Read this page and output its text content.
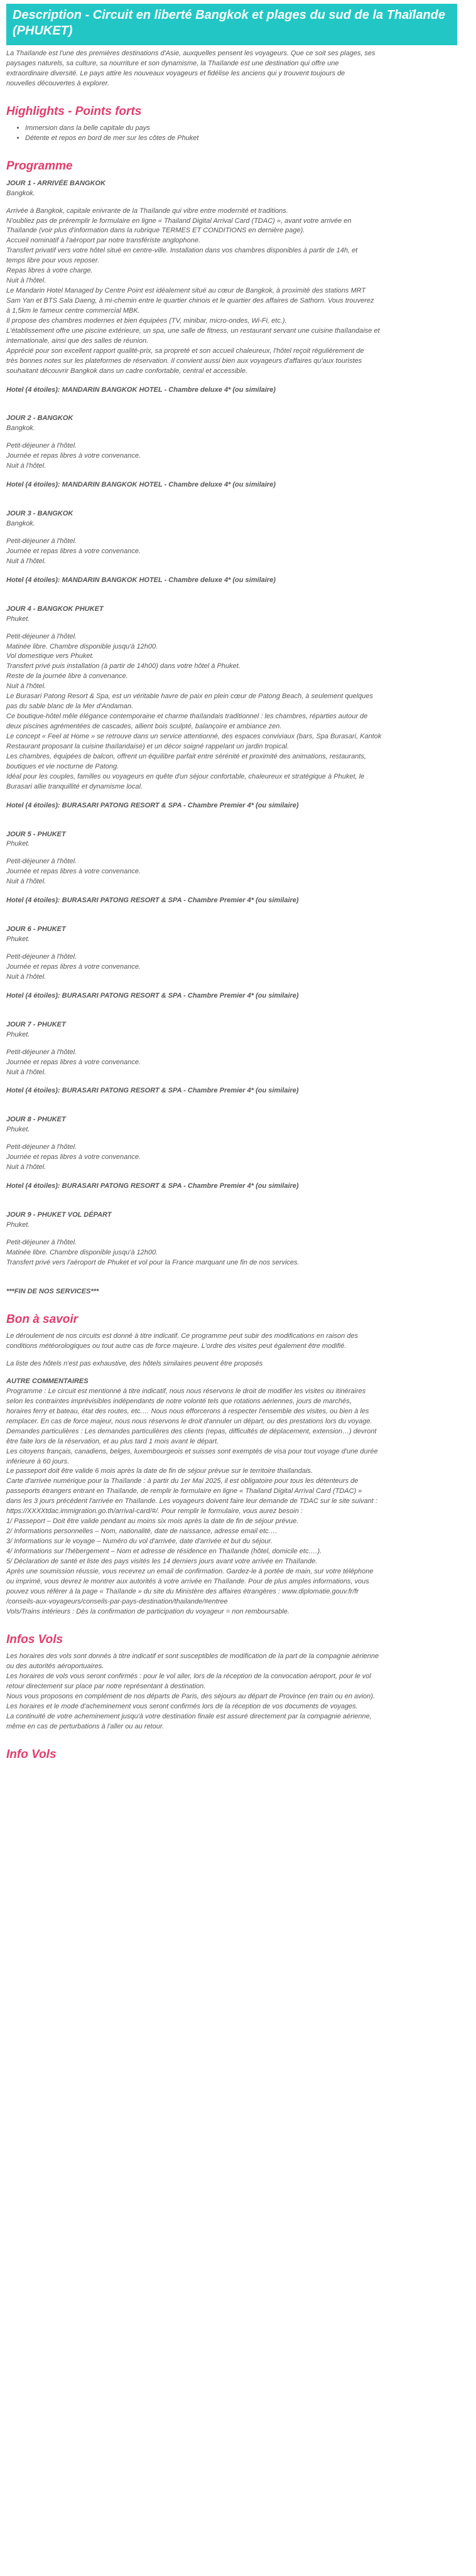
Description - Circuit en liberté Bangkok et plages du sud de la Thaïlande (PHUKET)

La Thaïlande est l'une des premières destinations d'Asie, auxquelles pensent les voyageurs. Que ce soit ses plages, ses

paysages naturels, sa culture, sa nourriture et son dynamisme, la Thaïlande est une destination qui offre une

extraordinaire diversité. Le pays attire les nouveaux voyageurs et fidélise les anciens qui y trouvent toujours de

nouvelles découvertes à explorer.

Highlights - Points forts
• Immersion dans la belle capitale du pays
• Détente et repos en bord de mer sur les côtes de Phuket
Programme

JOUR 1 - ARRIVÉE BANGKOK

Bangkok.

Arrivée à Bangkok, capitale enivrante de la Thaïlande qui vibre entre modernité et traditions.

N'oubliez pas de préremplir le formulaire en ligne « Thailand Digital Arrival Card (TDAC) », avant votre arrivée en

Thaïlande (voir plus d'information dans la rubrique TERMES ET CONDITIONS en dernière page).

Accueil nominatif à l'aéroport par notre transfériste anglophone.

Transfert privatif vers votre hôtel situé en centre-ville. Installation dans vos chambres disponibles à partir de 14h, et

temps libre pour vous reposer.

Repas libres à votre charge.

Nuit à l'hôtel.

Le Mandarin Hotel Managed by Centre Point est idéalement situé au cœur de Bangkok, à proximité des stations MRT

Sam Yan et BTS Sala Daeng, à mi-chemin entre le quartier chinois et le quartier des affaires de Sathorn. Vous trouverez

à 1,5km le fameux centre commercial MBK.

Il propose des chambres modernes et bien équipées (TV, minibar, micro-ondes, Wi-Fi, etc.).

L'établissement offre une piscine extérieure, un spa, une salle de fitness, un restaurant servant une cuisine thaïlandaise et

internationale, ainsi que des salles de réunion.

Apprécié pour son excellent rapport qualité-prix, sa propreté et son accueil chaleureux, l'hôtel reçoit régulièrement de

très bonnes notes sur les plateformes de réservation. Il convient aussi bien aux voyageurs d'affaires qu'aux touristes

souhaitant découvrir Bangkok dans un cadre confortable, central et accessible.

Hotel (4 étoiles): MANDARIN BANGKOK HOTEL - Chambre deluxe 4* (ou similaire)

JOUR 2 - BANGKOK

Bangkok.

Petit-déjeuner à l'hôtel.

Journée et repas libres à votre convenance.

Nuit à l'hôtel.

Hotel (4 étoiles): MANDARIN BANGKOK HOTEL - Chambre deluxe 4* (ou similaire)

JOUR 3 - BANGKOK

Bangkok.

Petit-déjeuner à l'hôtel.

Journée et repas libres à votre convenance.

Nuit à l'hôtel.

Hotel (4 étoiles): MANDARIN BANGKOK HOTEL - Chambre deluxe 4* (ou similaire)

JOUR 4 - BANGKOK PHUKET

Phuket.

Petit-déjeuner à l'hôtel.

Matinée libre. Chambre disponible jusqu'à 12h00.

Vol domestique vers Phuket.

Transfert privé puis installation (à partir de 14h00) dans votre hôtel à Phuket.

Reste de la journée libre à convenance.

Nuit à l'hôtel.

Le Burasari Patong Resort & Spa, est un véritable havre de paix en plein cœur de Patong Beach, à seulement quelques

pas du sable blanc de la Mer d'Andaman.

Ce boutique-hôtel mêle élégance contemporaine et charme thaïlandais traditionnel : les chambres, réparties autour de

deux piscines agrémentées de cascades, allient bois sculpté, balançoire et ambiance zen.

Le concept « Feel at Home » se retrouve dans un service attentionné, des espaces conviviaux (bars, Spa Burasari, Kantok

Restaurant proposant la cuisine thaïlandaise) et un décor soigné rappelant un jardin tropical.

Les chambres, équipées de balcon, offrent un équilibre parfait entre sérénité et proximité des animations, restaurants,

boutiques et vie nocturne de Patong.

Idéal pour les couples, familles ou voyageurs en quête d'un séjour confortable, chaleureux et stratégique à Phuket, le

Burasari allie tranquillité et dynamisme local.

Hotel (4 étoiles): BURASARI PATONG RESORT & SPA - Chambre Premier 4* (ou similaire)

JOUR 5 - PHUKET

Phuket.

Petit-déjeuner à l'hôtel.

Journée et repas libres à votre convenance.

Nuit à l'hôtel.

Hotel (4 étoiles): BURASARI PATONG RESORT & SPA - Chambre Premier 4* (ou similaire)

JOUR 6 - PHUKET

Phuket.

Petit-déjeuner à l'hôtel.

Journée et repas libres à votre convenance.

Nuit à l'hôtel.

Hotel (4 étoiles): BURASARI PATONG RESORT & SPA - Chambre Premier 4* (ou similaire)

JOUR 7 - PHUKET

Phuket.

Petit-déjeuner à l'hôtel.

Journée et repas libres à votre convenance.

Nuit à l'hôtel.

Hotel (4 étoiles): BURASARI PATONG RESORT & SPA - Chambre Premier 4* (ou similaire)

JOUR 8 - PHUKET

Phuket.

Petit-déjeuner à l'hôtel.

Journée et repas libres à votre convenance.

Nuit à l'hôtel.

Hotel (4 étoiles): BURASARI PATONG RESORT & SPA - Chambre Premier 4* (ou similaire)

JOUR 9 - PHUKET VOL DÉPART

Phuket.

Petit-déjeuner à l'hôtel.

Matinée libre. Chambre disponible jusqu'à 12h00.

Transfert privé vers l'aéroport de Phuket et vol pour la France marquant une fin de nos services.

***FIN DE NOS SERVICES***

Bon à savoir

Le déroulement de nos circuits est donné à titre indicatif. Ce programme peut subir des modifications en raison des

conditions météorologiques ou tout autre cas de force majeure. L'ordre des visites peut également être modifié.

La liste des hôtels n'est pas exhaustive, des hôtels similaires peuvent être proposés

AUTRE COMMENTAIRES

Programme : Le circuit est mentionné à titre indicatif, nous nous réservons le droit de modifier les visites ou itinéraires

selon les contraintes imprévisibles indépendants de notre volonté tels que rotations aériennes, jours de marchés,

horaires ferry et bateau, état des routes, etc.… Nous nous efforcerons à respecter l'ensemble des visites, ou bien à les

remplacer. En cas de force majeur, nous nous réservons le droit d'annuler un départ, ou des prestations lors du voyage.

Demandes particulières : Les demandes particulières des clients (repas, difficultés de déplacement, extension…) devront

être faite lors de la réservation, et au plus tard 1 mois avant le départ.

Les citoyens français, canadiens, belges, luxembourgeois et suisses sont exemptés de visa pour tout voyage d'une durée

inférieure à 60 jours.

Le passeport doit être valide 6 mois après la date de fin de séjour prévue sur le territoire thaïlandais.

Carte d'arrivée numérique pour la Thaïlande : à partir du 1er Mai 2025, il est obligatoire pour tous les détenteurs de

passeports étrangers entrant en Thaïlande, de remplir le formulaire en ligne « Thailand Digital Arrival Card (TDAC) »

dans les 3 jours précédent l'arrivée en Thaïlande. Les voyageurs doivent faire leur demande de TDAC sur le site suivant :

https://XXXXtdac.immigration.go.th/arrival-card/#/. Pour remplir le formulaire, vous aurez besoin :

1/ Passeport – Doit être valide pendant au moins six mois après la date de fin de séjour prévue.

2/ Informations personnelles – Nom, nationalité, date de naissance, adresse email etc.…

3/ Informations sur le voyage – Numéro du vol d'arrivée, date d'arrivée et but du séjour.

4/ Informations sur l'hébergement – Nom et adresse de résidence en Thaïlande (hôtel, domicile etc.…).

5/ Déclaration de santé et liste des pays visités les 14 derniers jours avant votre arrivée en Thaïlande.

Après une soumission réussie, vous recevrez un email de confirmation. Gardez-le à portée de main, sur votre téléphone

ou imprimé, vous devrez le montrer aux autorités à votre arrivée en Thaïlande. Pour de plus amples informations, vous

pouvez vous référer à la page « Thaïlande » du site du Ministère des affaires étrangères : www.diplomatie.gouv.fr/fr

/conseils-aux-voyageurs/conseils-par-pays-destination/thailande/#entree

Vols/Trains intérieurs : Dès la confirmation de participation du voyageur = non remboursable.

Infos Vols

Les horaires des vols sont donnés à titre indicatif et sont susceptibles de modification de la part de la compagnie aérienne

ou des autorités aéroportuaires.

Les horaires de vols vous seront confirmés : pour le vol aller, lors de la réception de la convocation aéroport, pour le vol

retour directement sur place par notre représentant à destination.

Nous vous proposons en complément de nos départs de Paris, des séjours au départ de Province (en train ou en avion).

Les horaires et le mode d'acheminement vous seront confirmés lors de la réception de vos documents de voyages.

La continuité de votre acheminement jusqu'à votre destination finale est assuré directement par la compagnie aérienne,

même en cas de perturbations à l'aller ou au retour.

Info Vols
